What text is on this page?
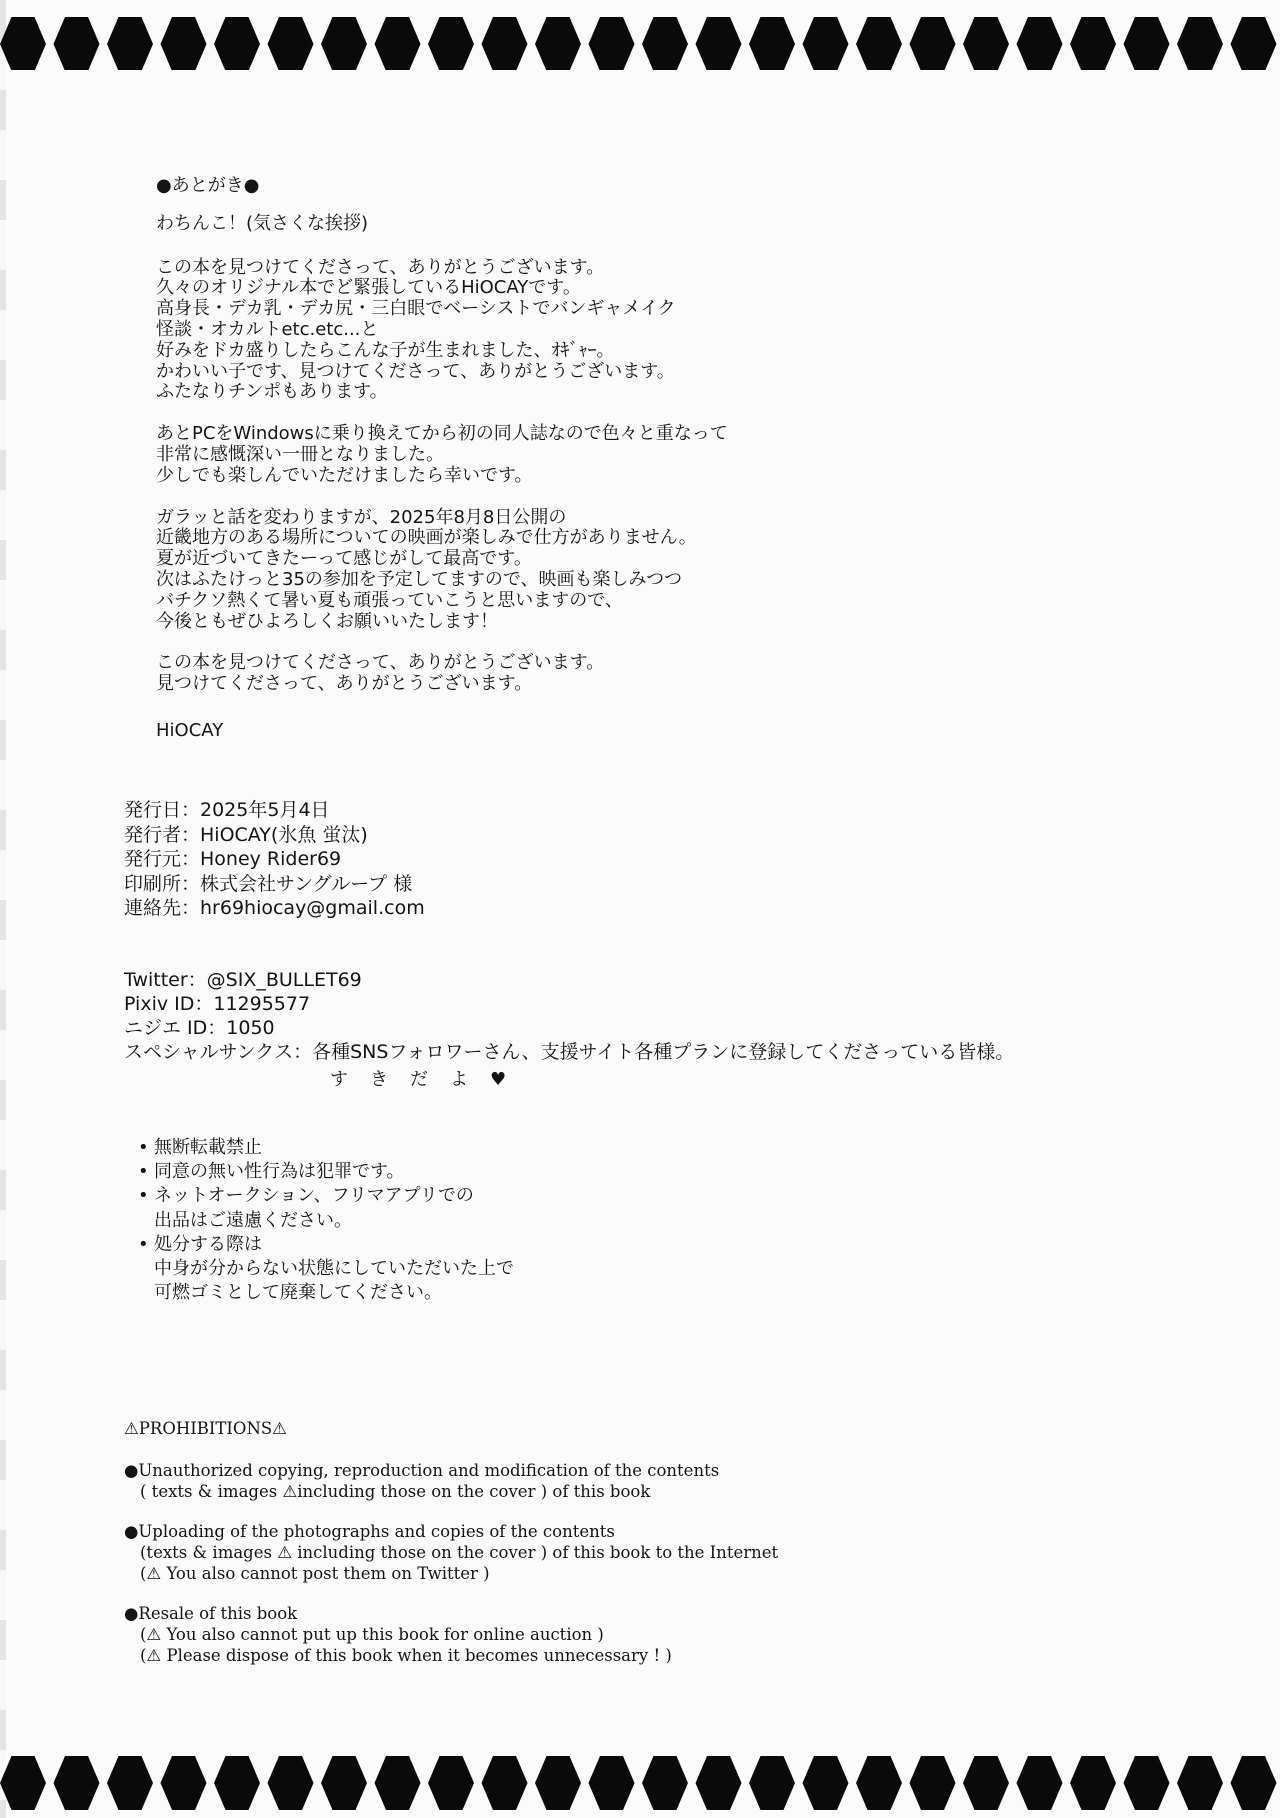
●あとがき●
わちんこ！(気さくな挨拶)
この本を見つけてくださって、ありがとうございます。
久々のオリジナル本でど緊張しているHiOCAYです。
高身長・デカ乳・デカ尻・三白眼でベーシストでバンギャメイク
怪談・オカルトetc.etc...と
好みをドカ盛りしたらこんな子が生まれました、ｵｷﾞｬｰ。
かわいい子です、見つけてくださって、ありがとうございます。
ふたなりチンポもあります。
あとPCをWindowsに乗り換えてから初の同人誌なので色々と重なって
非常に感慨深い一冊となりました。
少しでも楽しんでいただけましたら幸いです。
ガラッと話を変わりますが、2025年8月8日公開の
近畿地方のある場所についての映画が楽しみで仕方がありません。
夏が近づいてきたーって感じがして最高です。
次はふたけっと35の参加を予定してますので、映画も楽しみつつ
バチクソ熱くて暑い夏も頑張っていこうと思いますので、
今後ともぜひよろしくお願いいたします！
この本を見つけてくださって、ありがとうございます。
見つけてくださって、ありがとうございます。
HiOCAY
発行日：2025年5月4日
発行者：HiOCAY(氷魚 蛍汰)
発行元：Honey Rider69
印刷所：株式会社サングループ 様
連絡先：hr69hiocay@gmail.com
Twitter：@SIX_BULLET69
Pixiv ID：11295577
ニジエ ID：1050
スペシャルサンクス：各種SNSフォロワーさん、支援サイト各種プランに登録してくださっている皆様。
すきだよ♥
• 無断転載禁止
• 同意の無い性行為は犯罪です。
• ネットオークション、フリマアプリでの
出品はご遠慮ください。
• 処分する際は
中身が分からない状態にしていただいた上で
可燃ゴミとして廃棄してください。
⚠PROHIBITIONS⚠
●Unauthorized copying, reproduction and modification of the contents
( texts & images ⚠including those on the cover ) of this book
●Uploading of the photographs and copies of the contents
(texts & images ⚠ including those on the cover ) of this book to the Internet
(⚠ You also cannot post them on Twitter )
●Resale of this book
(⚠ You also cannot put up this book for online auction )
(⚠ Please dispose of this book when it becomes unnecessary ! )
